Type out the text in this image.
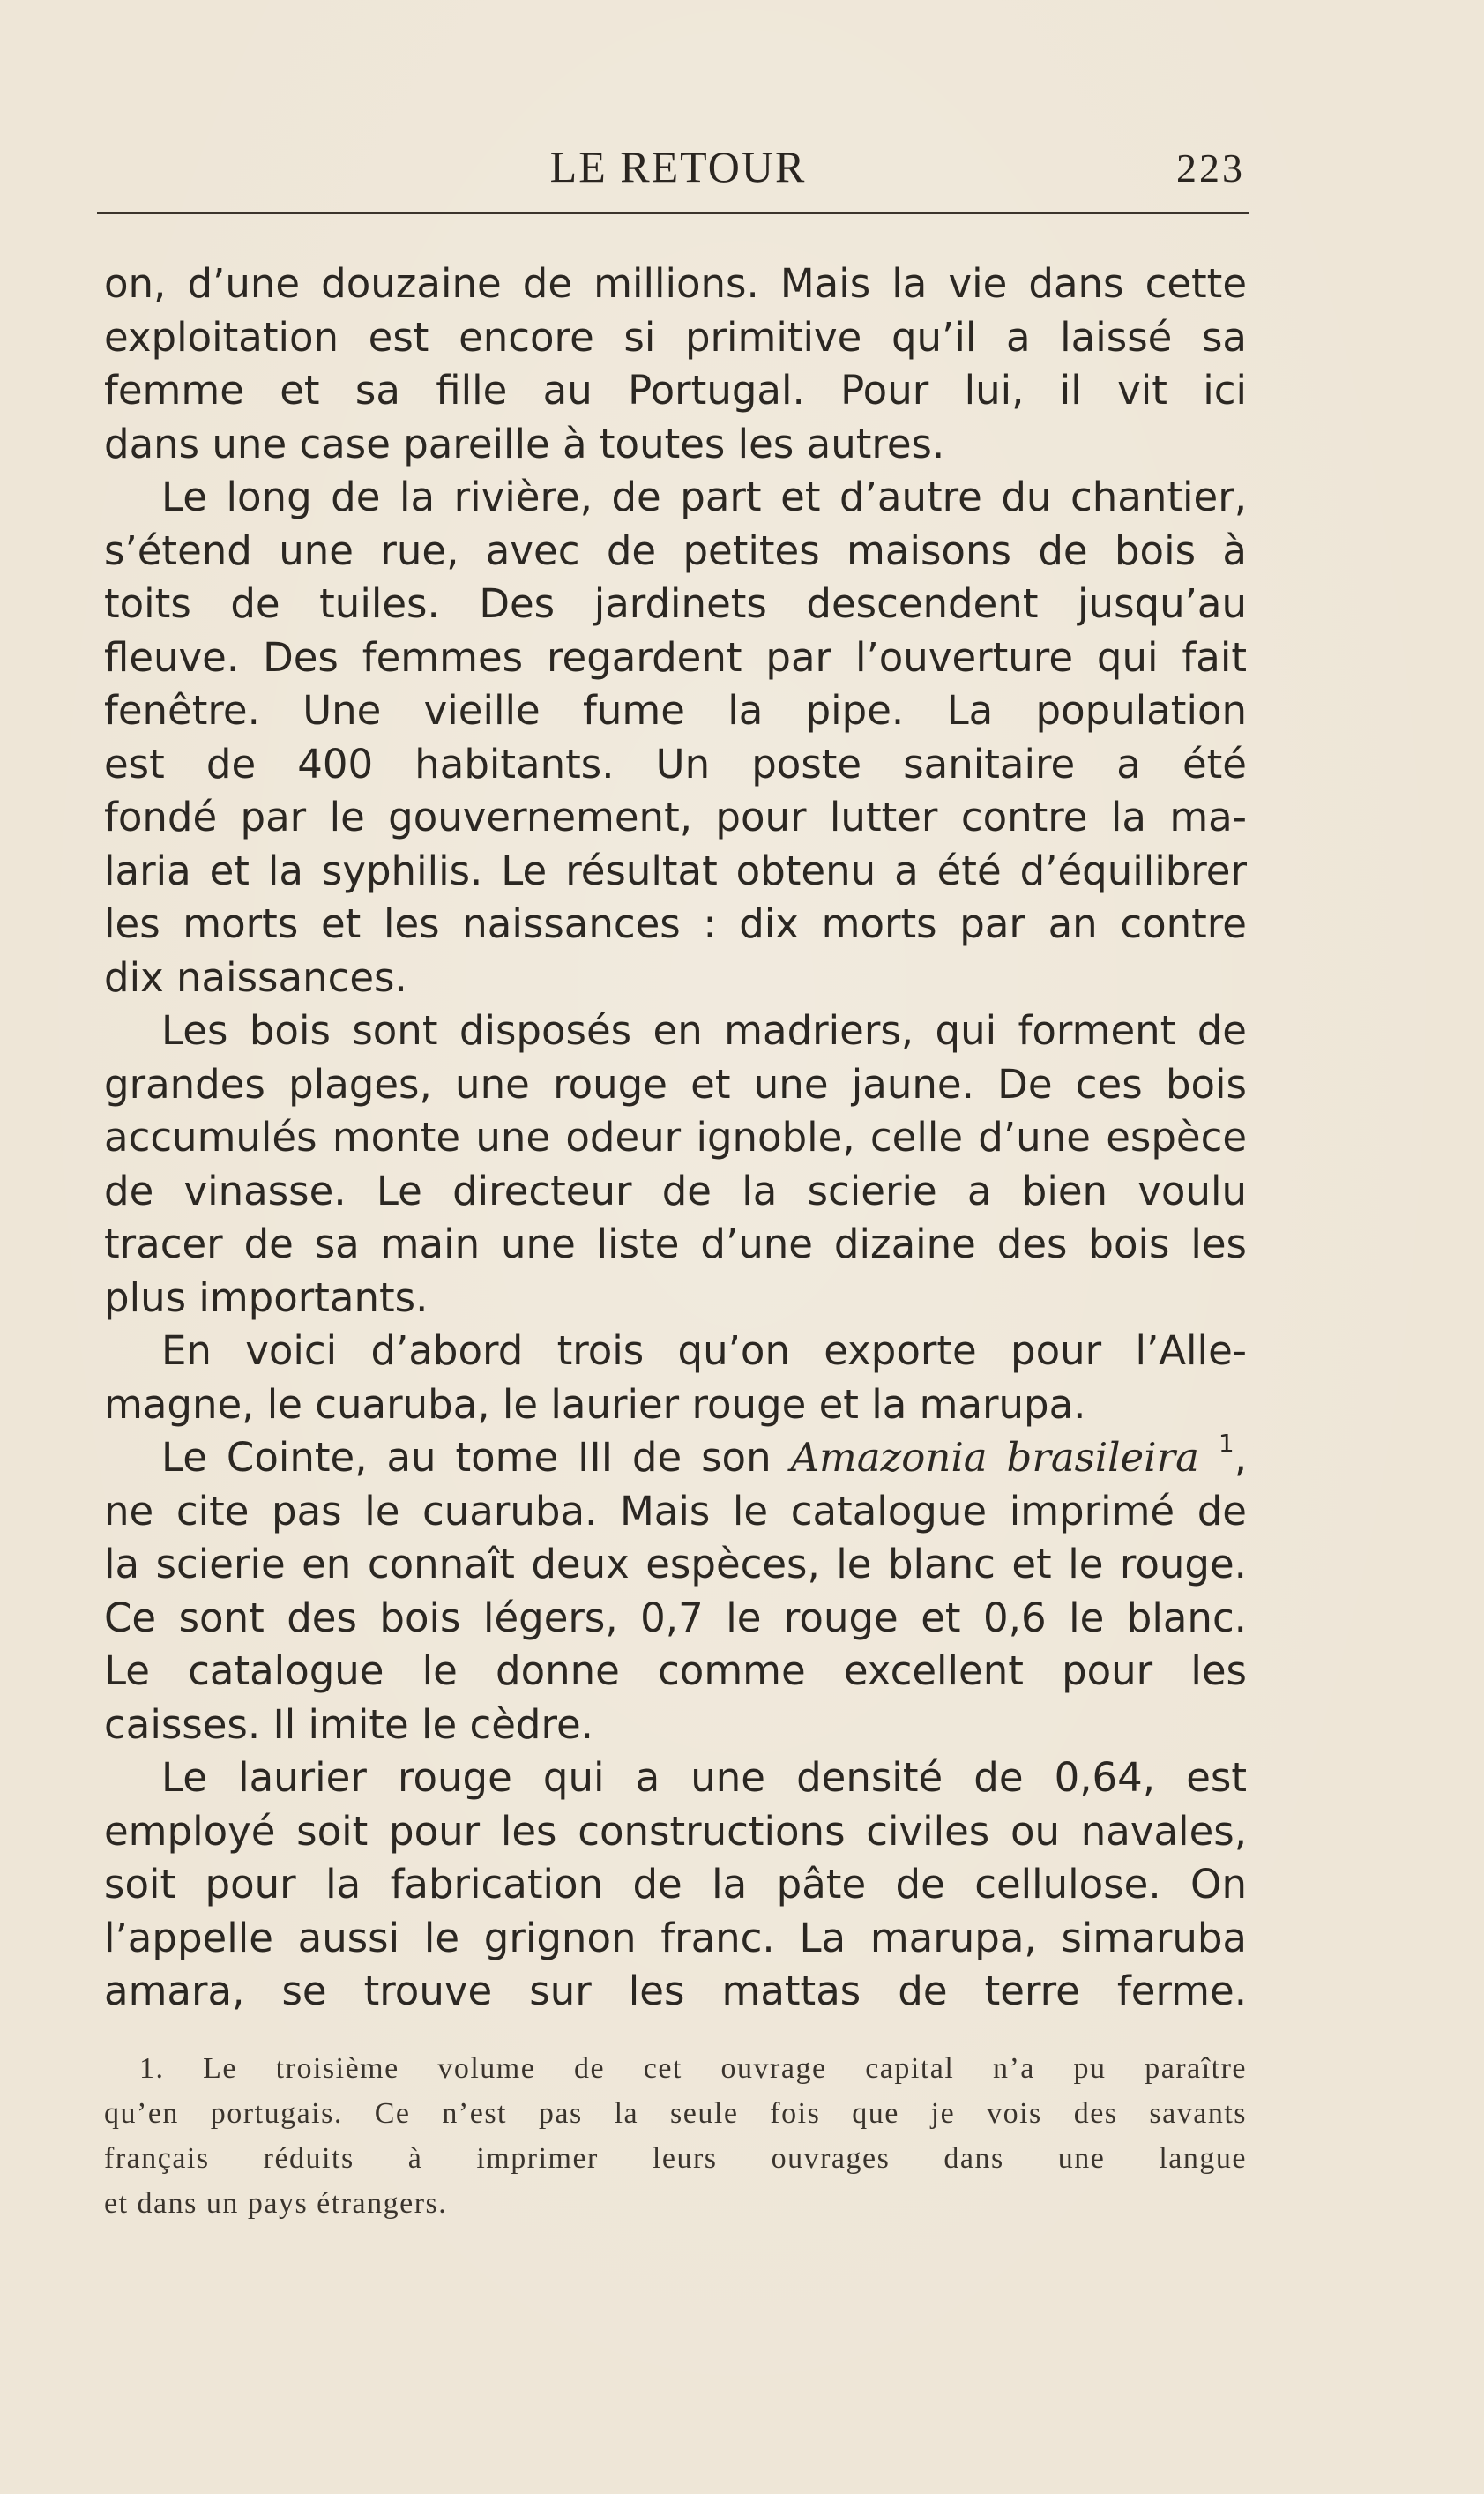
LE RETOUR	223
on, d’une douzaine de millions. Mais la vie dans cette
exploitation est encore si primitive qu’il a laissé sa
femme et sa fille au Portugal. Pour lui, il vit ici
dans une case pareille à toutes les autres.
Le long de la rivière, de part et d’autre du chantier,
s’étend une rue, avec de petites maisons de bois à
toits de tuiles. Des jardinets descendent jusqu’au
fleuve. Des femmes regardent par l’ouverture qui fait
fenêtre. Une vieille fume la pipe. La population
est de 400 habitants. Un poste sanitaire a été
fondé par le gouvernement, pour lutter contre la ma-
laria et la syphilis. Le résultat obtenu a été d’équilibrer
les morts et les naissances : dix morts par an contre
dix naissances.
Les bois sont disposés en madriers, qui forment de
grandes plages, une rouge et une jaune. De ces bois
accumulés monte une odeur ignoble, celle d’une espèce
de vinasse. Le directeur de la scierie a bien voulu
tracer de sa main une liste d’une dizaine des bois les
plus importants.
En voici d’abord trois qu’on exporte pour l’Alle-
magne, le cuaruba, le laurier rouge et la marupa.
Le Cointe, au tome III de son Amazonia brasileira $^1$,
ne cite pas le cuaruba. Mais le catalogue imprimé de
la scierie en connaît deux espèces, le blanc et le rouge.
Ce sont des bois légers, 0,7 le rouge et 0,6 le blanc.
Le catalogue le donne comme excellent pour les
caisses. Il imite le cèdre.
Le laurier rouge qui a une densité de 0,64, est
employé soit pour les constructions civiles ou navales,
soit pour la fabrication de la pâte de cellulose. On
l’appelle aussi le grignon franc. La marupa, simaruba
amara, se trouve sur les mattas de terre ferme.
1. Le troisième volume de cet ouvrage capital n’a pu paraître
qu’en portugais. Ce n’est pas la seule fois que je vois des savants
français réduits à imprimer leurs ouvrages dans une langue
et dans un pays étrangers.
